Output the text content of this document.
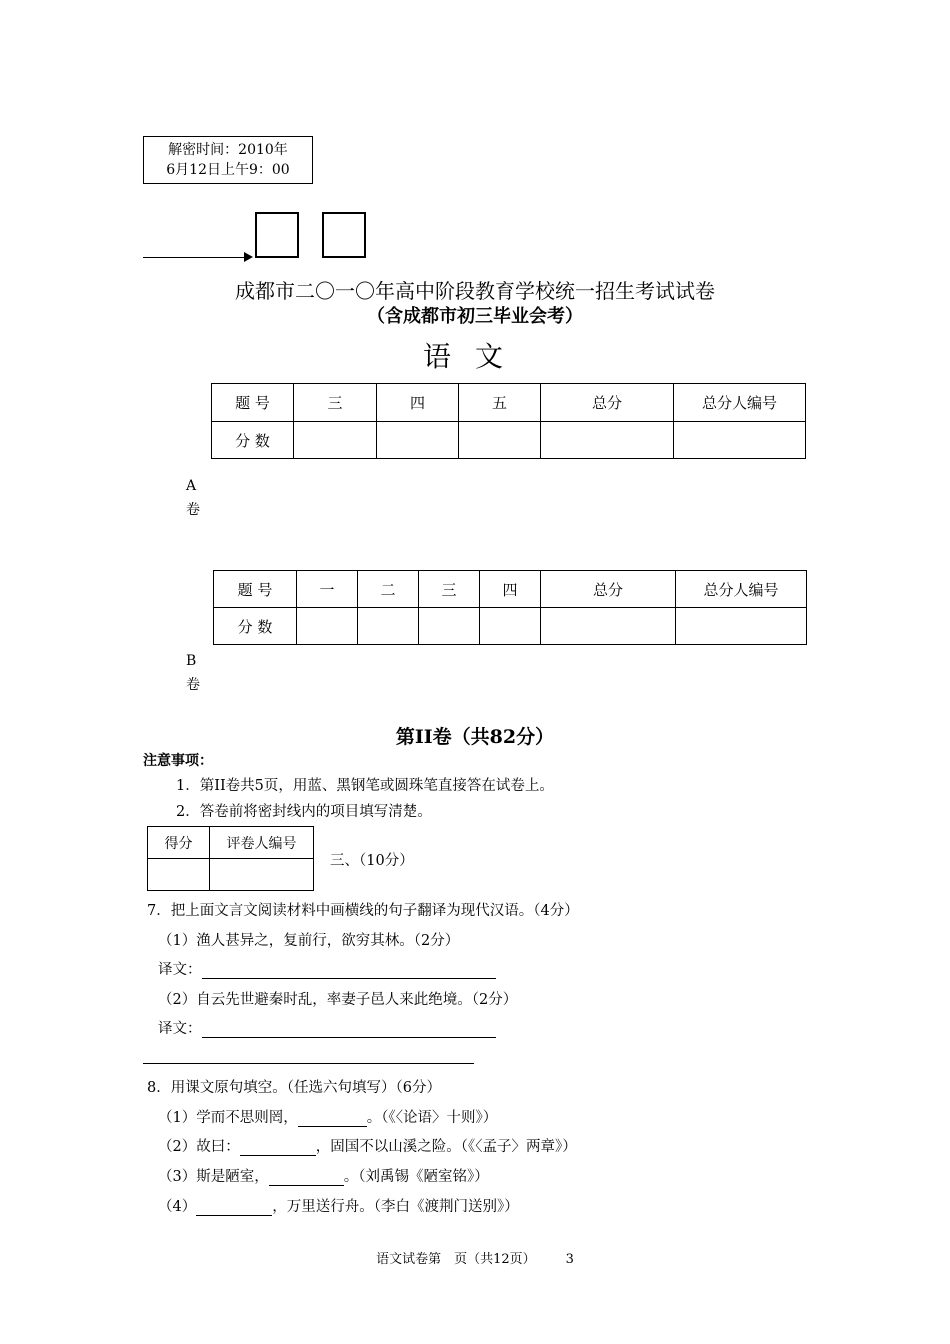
解密时间：2010年
6月12日上午9：00
成都市二〇一〇年高中阶段教育学校统一招生考试试卷
（含成都市初三毕业会考）
语文
题 号	三	四	五	总分	总分人编号
分 数					
A
卷
题 号	一	二	三	四	总分	总分人编号
分 数						
B
卷
第II卷（共82分）
注意事项：
1．第II卷共5页，用蓝、黑钢笔或圆珠笔直接答在试卷上。
2．答卷前将密封线内的项目填写清楚。
得分	评卷人编号

三、（10分）
7．把上面文言文阅读材料中画横线的句子翻译为现代汉语。（4分）
（1）渔人甚异之，复前行，欲穷其林。（2分）
译文：
（2）自云先世避秦时乱，率妻子邑人来此绝境。（2分）
译文：
8．用课文原句填空。（任选六句填写）（6分）
（1）学而不思则罔，	。（《〈论语〉十则》）
（2）故曰：	，固国不以山溪之险。（《〈孟子〉两章》）
（3）斯是陋室，	。（刘禹锡《陋室铭》）
（4）	，万里送行舟。（李白《渡荆门送别》）
语文试卷第　页（共12页） 3
